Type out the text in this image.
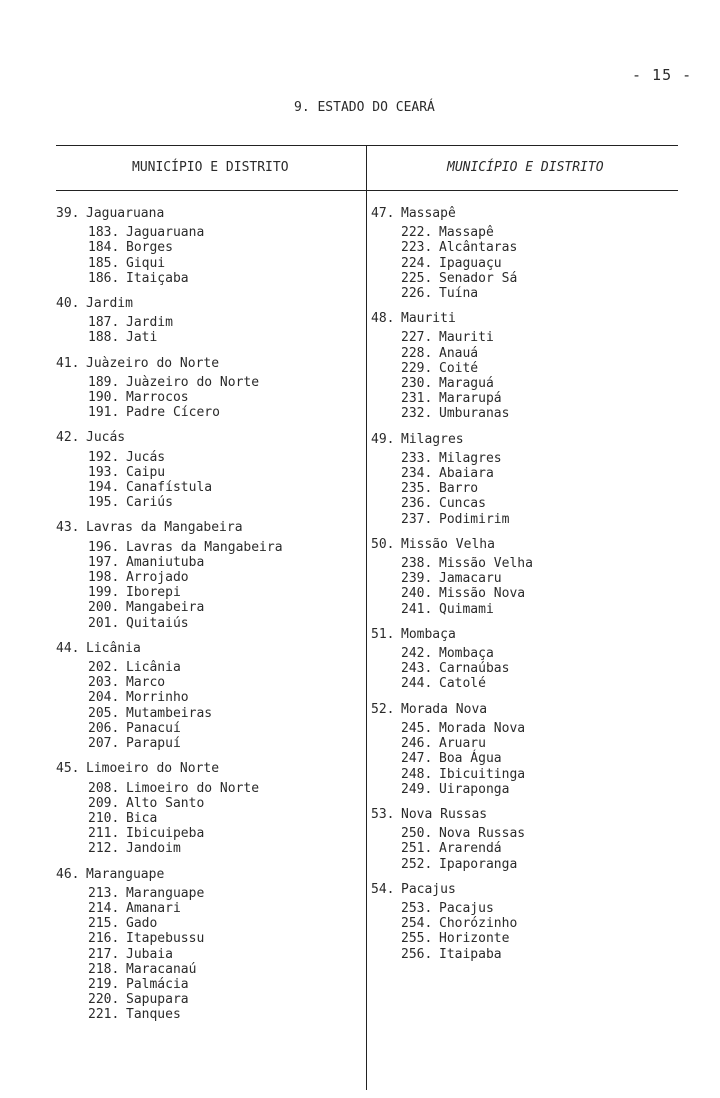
- 15 -
9. ESTADO DO CEARÁ
MUNICÍPIO E DISTRITO	MUNICÍPIO E DISTRITO
39. Jaguaruana
183. Jaguaruana
184. Borges
185. Giqui
186. Itaiçaba
40. Jardim
187. Jardim
188. Jati
41. Juàzeiro do Norte
189. Juàzeiro do Norte
190. Marrocos
191. Padre Cícero
42. Jucás
192. Jucás
193. Caipu
194. Canafístula
195. Cariús
43. Lavras da Mangabeira
196. Lavras da Mangabeira
197. Amaniutuba
198. Arrojado
199. Iborepi
200. Mangabeira
201. Quitaiús
44. Licânia
202. Licânia
203. Marco
204. Morrinho
205. Mutambeiras
206. Panacuí
207. Parapuí
45. Limoeiro do Norte
208. Limoeiro do Norte
209. Alto Santo
210. Bica
211. Ibicuipeba
212. Jandoim
46. Maranguape
213. Maranguape
214. Amanari
215. Gado
216. Itapebussu
217. Jubaia
218. Maracanaú
219. Palmácia
220. Sapupara
221. Tanques
47. Massapê
222. Massapê
223. Alcântaras
224. Ipaguaçu
225. Senador Sá
226. Tuína
48. Mauriti
227. Mauriti
228. Anauá
229. Coité
230. Maraguá
231. Mararupá
232. Umburanas
49. Milagres
233. Milagres
234. Abaiara
235. Barro
236. Cuncas
237. Podimirim
50. Missão Velha
238. Missão Velha
239. Jamacaru
240. Missão Nova
241. Quimami
51. Mombaça
242. Mombaça
243. Carnaúbas
244. Catolé
52. Morada Nova
245. Morada Nova
246. Aruaru
247. Boa Água
248. Ibicuitinga
249. Uiraponga
53. Nova Russas
250. Nova Russas
251. Ararendá
252. Ipaporanga
54. Pacajus
253. Pacajus
254. Chorózinho
255. Horizonte
256. Itaipaba
